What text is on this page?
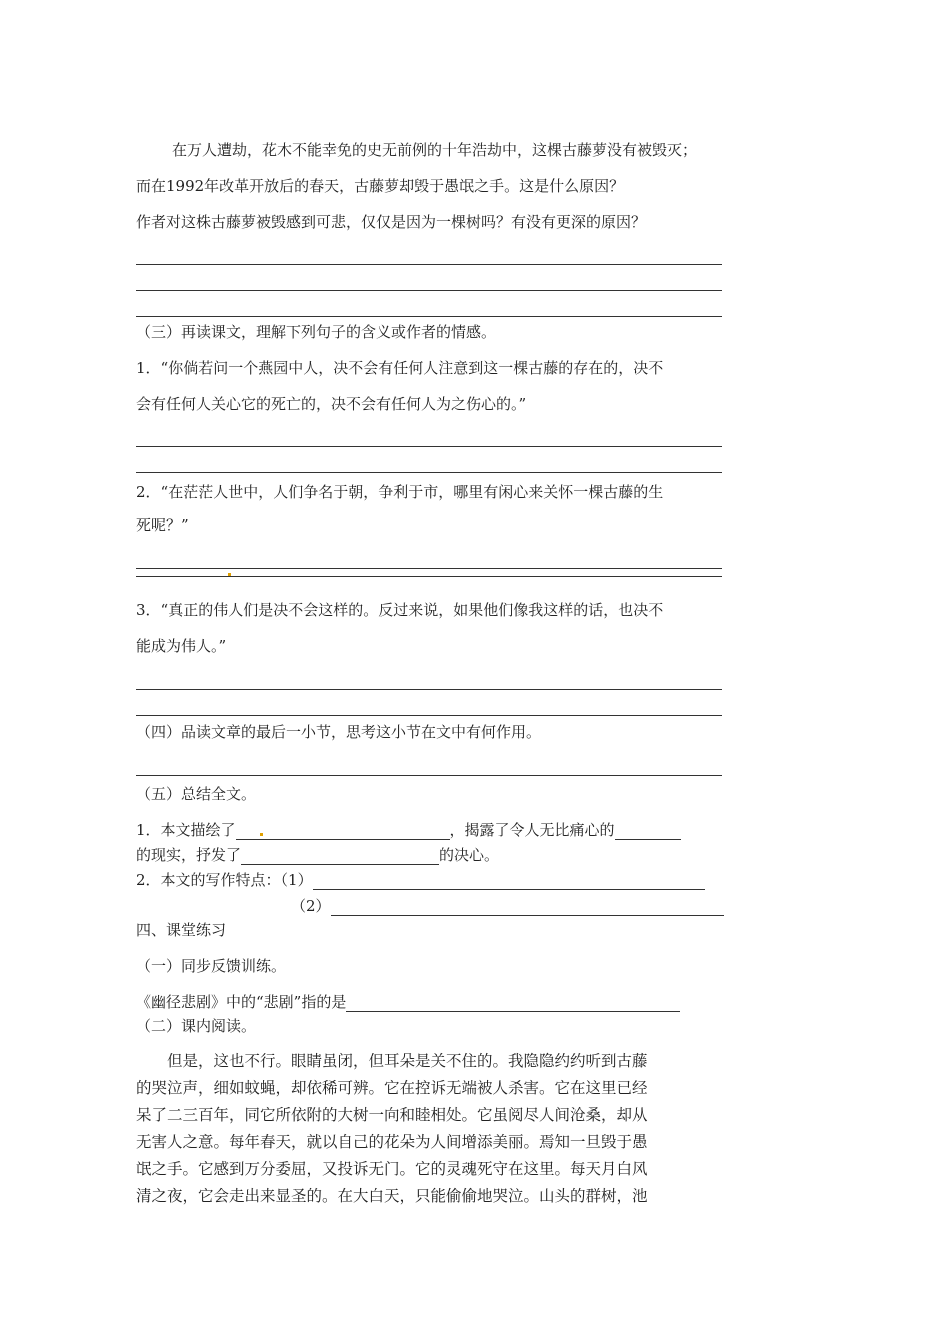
在万人遭劫，花木不能幸免的史无前例的十年浩劫中，这棵古藤萝没有被毁灭；

而在1992年改革开放后的春天，古藤萝却毁于愚氓之手。这是什么原因？

作者对这株古藤萝被毁感到可悲，仅仅是因为一棵树吗？有没有更深的原因？

（三）再读课文，理解下列句子的含义或作者的情感。

1．“你倘若问一个燕园中人，决不会有任何人注意到这一棵古藤的存在的，决不

会有任何人关心它的死亡的，决不会有任何人为之伤心的。”

2．“在茫茫人世中，人们争名于朝，争利于市，哪里有闲心来关怀一棵古藤的生

死呢？”

3．“真正的伟人们是决不会这样的。反过来说，如果他们像我这样的话，也决不

能成为伟人。”

（四）品读文章的最后一小节，思考这小节在文中有何作用。

（五）总结全文。

1．本文描绘了	，揭露了令人无比痛心的

的现实，抒发了	的决心。

2．本文的写作特点：（1）

（2）

四、课堂练习

（一）同步反馈训练。

《幽径悲剧》中的“悲剧”指的是

（二）课内阅读。

　　但是，这也不行。眼睛虽闭，但耳朵是关不住的。我隐隐约约听到古藤

的哭泣声，细如蚊蝇，却依稀可辨。它在控诉无端被人杀害。它在这里已经

呆了二三百年，同它所依附的大树一向和睦相处。它虽阅尽人间沧桑，却从

无害人之意。每年春天，就以自己的花朵为人间增添美丽。焉知一旦毁于愚

氓之手。它感到万分委屈，又投诉无门。它的灵魂死守在这里。每天月白风

清之夜，它会走出来显圣的。在大白天，只能偷偷地哭泣。山头的群树，池
